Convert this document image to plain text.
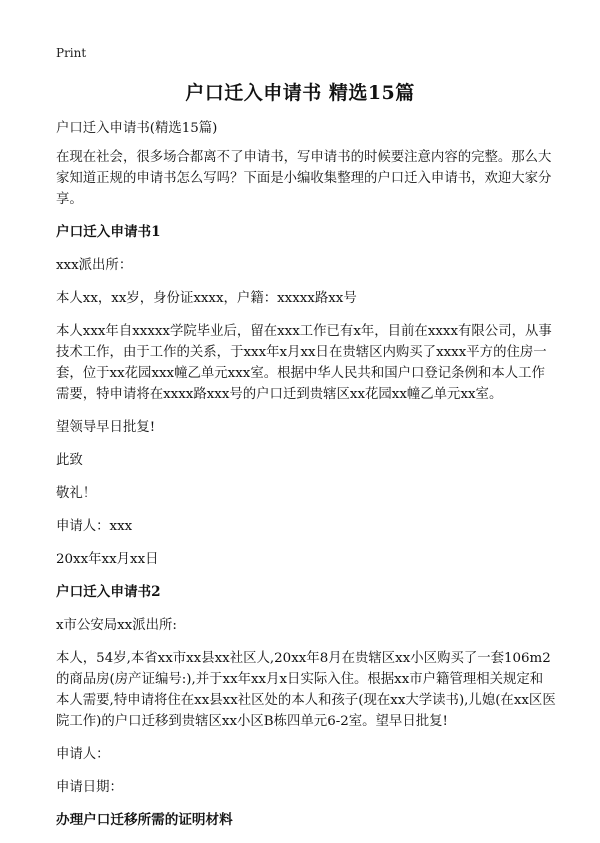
Print
户口迁入申请书 精选15篇

户口迁入申请书(精选15篇)

在现在社会，很多场合都离不了申请书，写申请书的时候要注意内容的完整。那么大家知道正规的申请书怎么写吗？下面是小编收集整理的户口迁入申请书，欢迎大家分享。

户口迁入申请书1

xxx派出所：

本人xx，xx岁，身份证xxxx，户籍：xxxxx路xx号

本人xxx年自xxxxx学院毕业后，留在xxx工作已有x年，目前在xxxx有限公司，从事技术工作，由于工作的关系，于xxx年x月xx日在贵辖区内购买了xxxx平方的住房一套，位于xx花园xxx幢乙单元xxx室。根据中华人民共和国户口登记条例和本人工作需要，特申请将在xxxx路xxx号的户口迁到贵辖区xx花园xx幢乙单元xx室。

望领导早日批复!

此致

敬礼！

申请人：xxx

20xx年xx月xx日

户口迁入申请书2

x市公安局xx派出所:

本人，54岁,本省xx市xx县xx社区人,20xx年8月在贵辖区xx小区购买了一套106m2的商品房(房产证编号:),并于xx年xx月x日实际入住。根据xx市户籍管理相关规定和本人需要,特申请将住在xx县xx社区处的本人和孩子(现在xx大学读书),儿媳(在xx区医院工作)的户口迁移到贵辖区xx小区B栋四单元6-2室。望早日批复!

申请人：

申请日期：

办理户口迁移所需的证明材料
